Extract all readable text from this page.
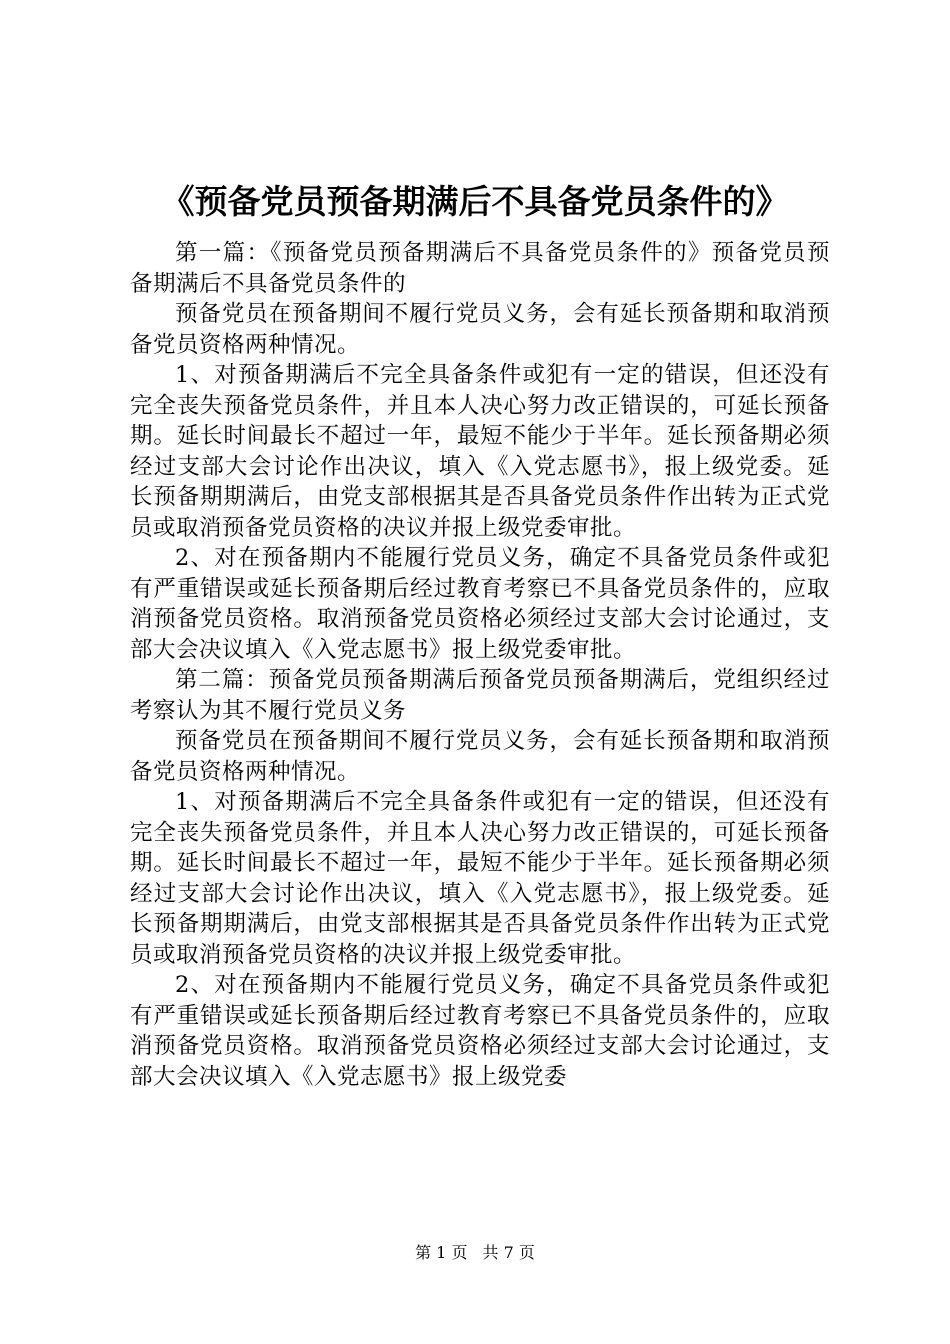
《预备党员预备期满后不具备党员条件的》

第一篇：《预备党员预备期满后不具备党员条件的》预备党员预备期满后不具备党员条件的

预备党员在预备期间不履行党员义务，会有延长预备期和取消预备党员资格两种情况。

1、对预备期满后不完全具备条件或犯有一定的错误，但还没有完全丧失预备党员条件，并且本人决心努力改正错误的，可延长预备期。延长时间最长不超过一年，最短不能少于半年。延长预备期必须经过支部大会讨论作出决议，填入《入党志愿书》，报上级党委。延长预备期期满后，由党支部根据其是否具备党员条件作出转为正式党员或取消预备党员资格的决议并报上级党委审批。

2、对在预备期内不能履行党员义务，确定不具备党员条件或犯有严重错误或延长预备期后经过教育考察已不具备党员条件的，应取消预备党员资格。取消预备党员资格必须经过支部大会讨论通过，支部大会决议填入《入党志愿书》报上级党委审批。

第二篇：预备党员预备期满后预备党员预备期满后，党组织经过考察认为其不履行党员义务

预备党员在预备期间不履行党员义务，会有延长预备期和取消预备党员资格两种情况。

1、对预备期满后不完全具备条件或犯有一定的错误，但还没有完全丧失预备党员条件，并且本人决心努力改正错误的，可延长预备期。延长时间最长不超过一年，最短不能少于半年。延长预备期必须经过支部大会讨论作出决议，填入《入党志愿书》，报上级党委。延长预备期期满后，由党支部根据其是否具备党员条件作出转为正式党员或取消预备党员资格的决议并报上级党委审批。

2、对在预备期内不能履行党员义务，确定不具备党员条件或犯有严重错误或延长预备期后经过教育考察已不具备党员条件的，应取消预备党员资格。取消预备党员资格必须经过支部大会讨论通过，支部大会决议填入《入党志愿书》报上级党委

第 1 页 共 7 页
